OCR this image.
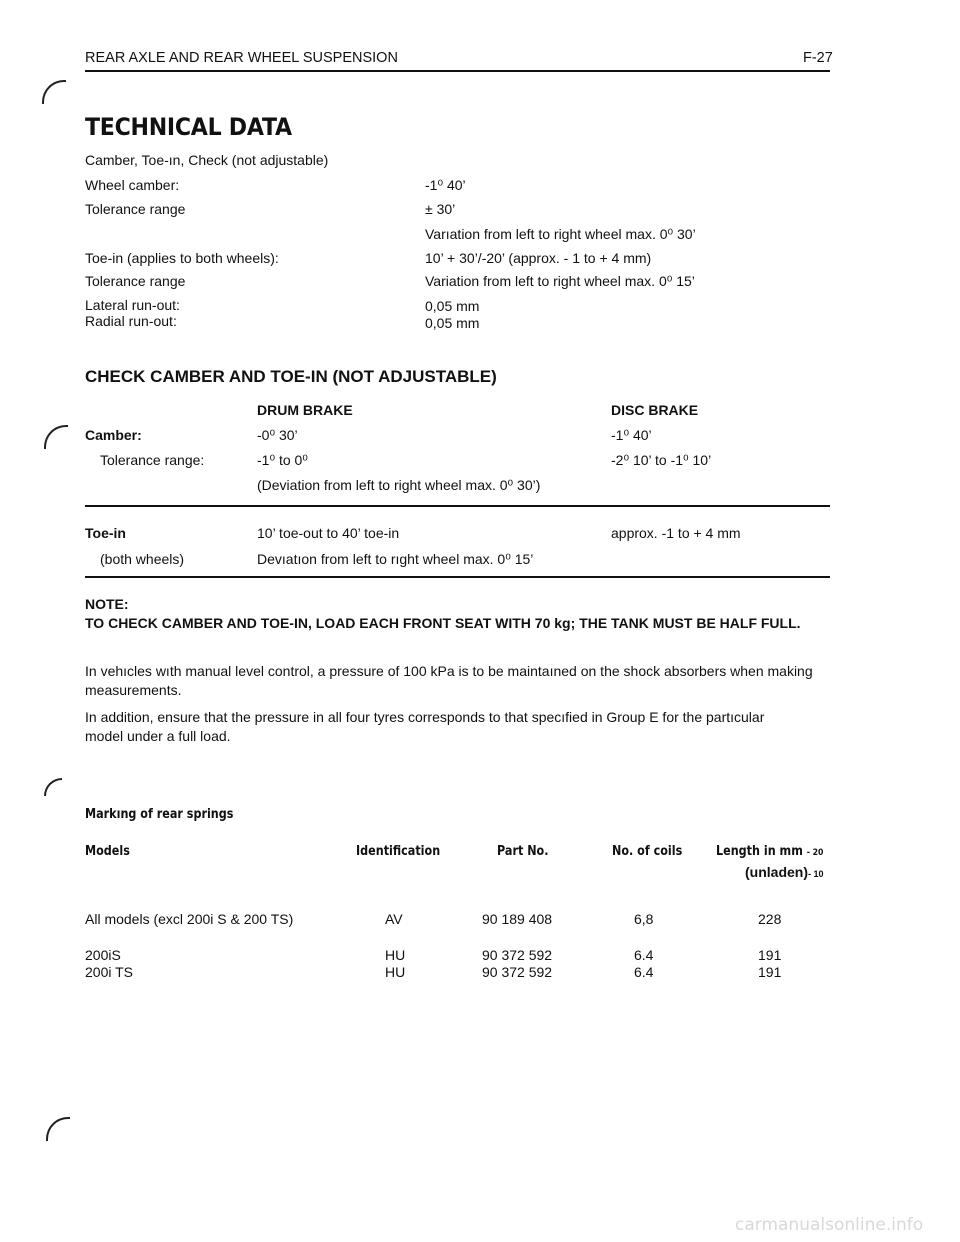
REAR AXLE AND REAR WHEEL SUSPENSION	F-27
TECHNICAL DATA
Camber, Toe-ın, Check (not adjustable)
Wheel camber:	-1⁰ 40’
Tolerance range	± 30’
Varıation from left to right wheel max. 0⁰ 30’
Toe-in (applies to both wheels):	10’ + 30’/-20’ (approx. - 1 to + 4 mm)
Tolerance range	Variation from left to right wheel max. 0⁰ 15’
Lateral run-out:	0,05 mm
Radial run-out:	0,05 mm
CHECK CAMBER AND TOE-IN (NOT ADJUSTABLE)
DRUM BRAKE	DISC BRAKE
Camber:	-0⁰ 30’	-1⁰ 40’
Tolerance range:	-1⁰ to 0⁰	-2⁰ 10’ to -1⁰ 10’
(Deviation from left to right wheel max. 0⁰ 30’)
Toe-in	10’ toe-out to 40’ toe-in	approx. -1 to + 4 mm
(both wheels)	Devıatıon from left to rıght wheel max. 0⁰ 15’
NOTE:
TO CHECK CAMBER AND TOE-IN, LOAD EACH FRONT SEAT WITH 70 kg; THE TANK MUST BE HALF FULL.
In vehıcles wıth manual level control, a pressure of 100 kPa is to be maintaıned on the shock absorbers when making measurements.
In addition, ensure that the pressure in all four tyres corresponds to that specıfied in Group E for the partıcular model under a full load.
Markıng of rear springs
Models	Identification	Part No.	No. of coils	Length in mm - 20
(unladen)- 10
All models (excl 200i S & 200 TS)	AV	90 189 408	6,8	228
200iS	HU	90 372 592	6.4	191
200i TS	HU	90 372 592	6.4	191
carmanualsonline.info
